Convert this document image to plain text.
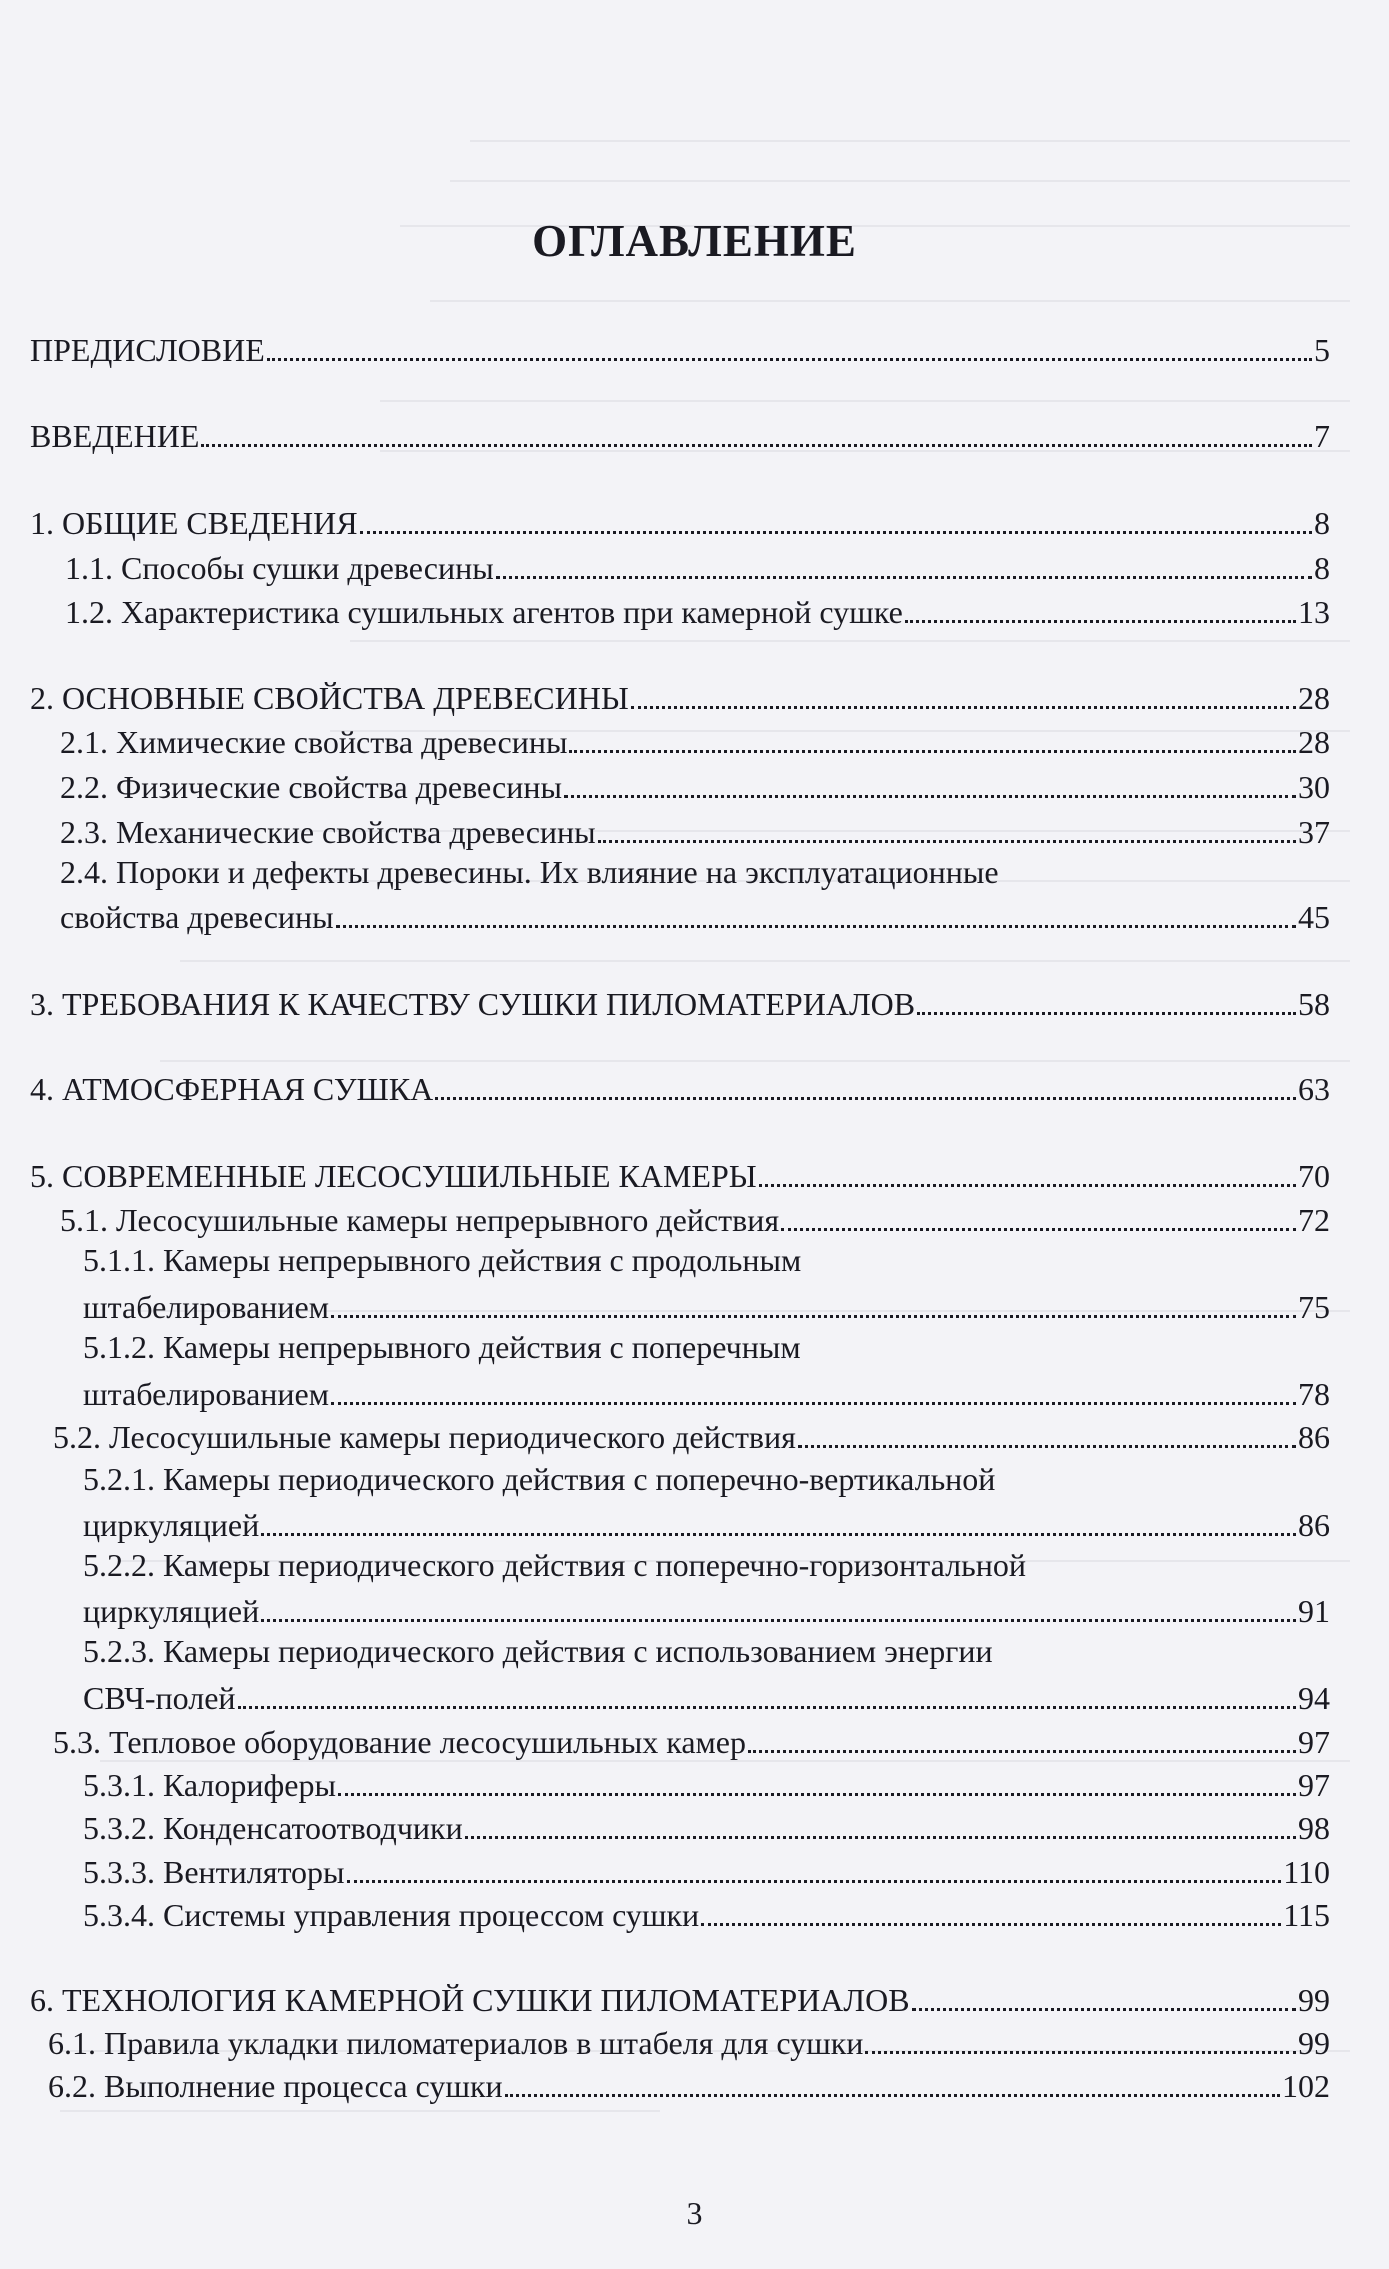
ОГЛАВЛЕНИЕ
ПРЕДИСЛОВИЕ	5
ВВЕДЕНИЕ	7
1. ОБЩИЕ СВЕДЕНИЯ	8
1.1. Способы сушки древесины	8
1.2. Характеристика сушильных агентов при камерной сушке	13
2. ОСНОВНЫЕ СВОЙСТВА ДРЕВЕСИНЫ	28
2.1. Химические свойства древесины	28
2.2. Физические свойства древесины	30
2.3. Механические свойства древесины	37
2.4. Пороки и дефекты древесины. Их влияние на эксплуатационные
свойства древесины	45
3. ТРЕБОВАНИЯ К КАЧЕСТВУ СУШКИ ПИЛОМАТЕРИАЛОВ	58
4. АТМОСФЕРНАЯ СУШКА	63
5. СОВРЕМЕННЫЕ ЛЕСОСУШИЛЬНЫЕ КАМЕРЫ	70
5.1. Лесосушильные камеры непрерывного действия	72
5.1.1. Камеры непрерывного действия с продольным
штабелированием	75
5.1.2. Камеры непрерывного действия с поперечным
штабелированием	78
5.2. Лесосушильные камеры периодического действия	86
5.2.1. Камеры периодического действия с поперечно-вертикальной
циркуляцией	86
5.2.2. Камеры периодического действия с поперечно-горизонтальной
циркуляцией	91
5.2.3. Камеры периодического действия с использованием энергии
СВЧ-полей	94
5.3. Тепловое оборудование лесосушильных камер	97
5.3.1. Калориферы	97
5.3.2. Конденсатоотводчики	98
5.3.3. Вентиляторы	110
5.3.4. Системы управления процессом сушки	115
6. ТЕХНОЛОГИЯ КАМЕРНОЙ СУШКИ ПИЛОМАТЕРИАЛОВ	99
6.1. Правила укладки пиломатериалов в штабеля для сушки	99
6.2. Выполнение процесса сушки	102
3
